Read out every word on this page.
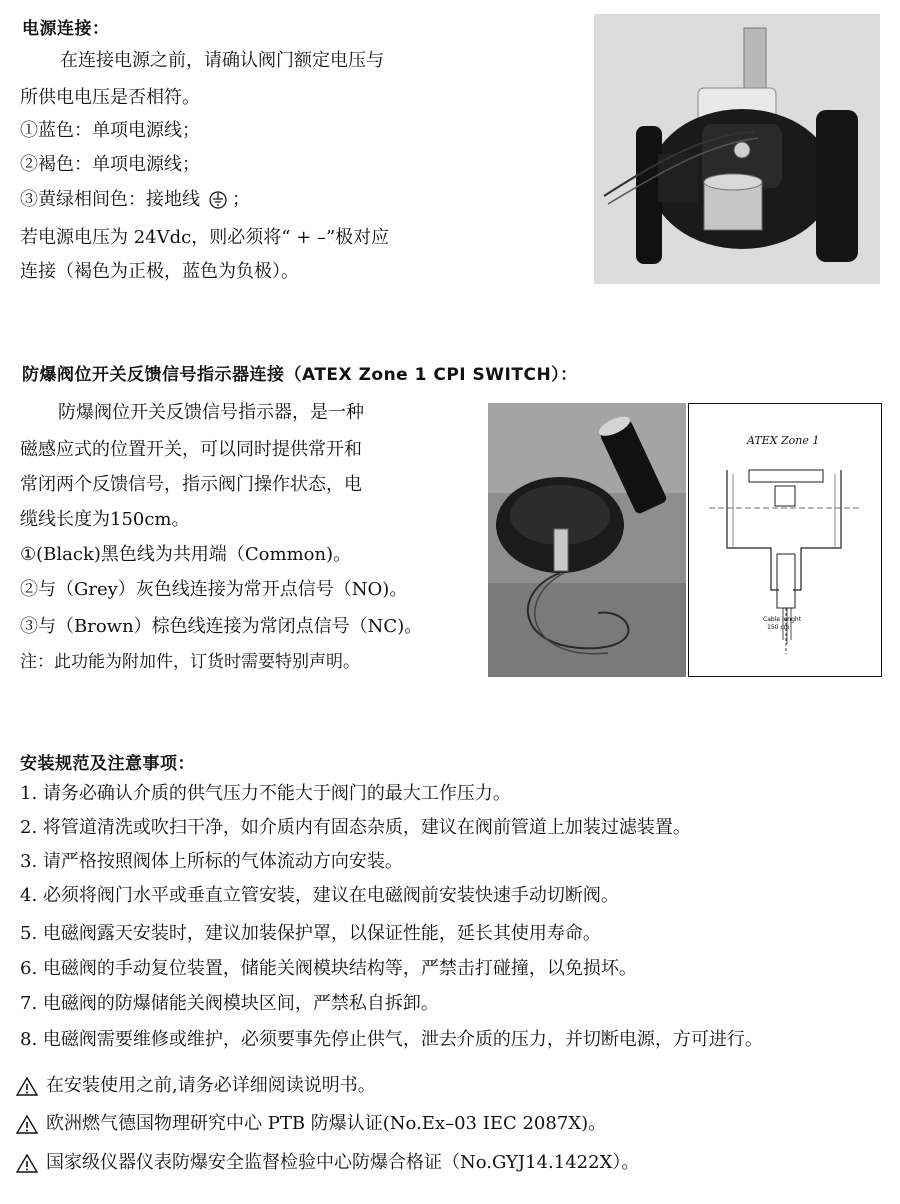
电源连接：
在连接电源之前，请确认阀门额定电压与
所供电电压是否相符。
①蓝色：单项电源线；
②褐色：单项电源线；
③黄绿相间色：接地线 ；
若电源电压为 24Vdc，则必须将“ + –”极对应
连接（褐色为正极，蓝色为负极）。
防爆阀位开关反馈信号指示器连接（ATEX Zone 1 CPI SWITCH）：
防爆阀位开关反馈信号指示器，是一种
磁感应式的位置开关，可以同时提供常开和
常闭两个反馈信号，指示阀门操作状态，电
缆线长度为150cm。
①(Black)黑色线为共用端（Common)。
②与（Grey）灰色线连接为常开点信号（NO)。
③与（Brown）棕色线连接为常闭点信号（NC)。
注：此功能为附加件，订货时需要特别声明。
ATEX Zone 1
Cable lenght
150 cm
安装规范及注意事项：
1. 请务必确认介质的供气压力不能大于阀门的最大工作压力。
2. 将管道清洗或吹扫干净，如介质内有固态杂质，建议在阀前管道上加装过滤装置。
3. 请严格按照阀体上所标的气体流动方向安装。
4. 必须将阀门水平或垂直立管安装，建议在电磁阀前安装快速手动切断阀。
5. 电磁阀露天安装时，建议加装保护罩，以保证性能，延长其使用寿命。
6. 电磁阀的手动复位装置，储能关阀模块结构等，严禁击打碰撞，以免损坏。
7. 电磁阀的防爆储能关阀模块区间，严禁私自拆卸。
8. 电磁阀需要维修或维护，必须要事先停止供气，泄去介质的压力，并切断电源，方可进行。
在安装使用之前,请务必详细阅读说明书。
欧洲燃气德国物理研究中心 PTB 防爆认证(No.Ex–03 IEC 2087X)。
国家级仪器仪表防爆安全监督检验中心防爆合格证（No.GYJ14.1422X）。
